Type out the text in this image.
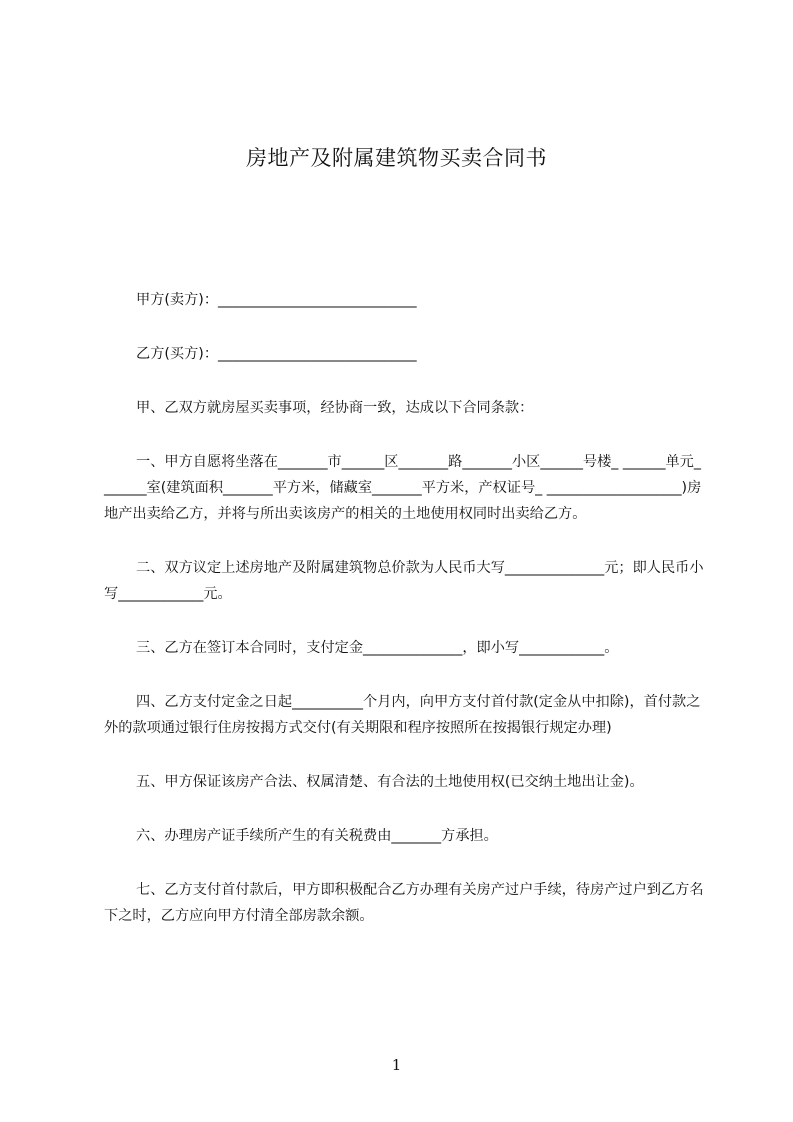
房地产及附属建筑物买卖合同书

甲方(卖方)：____________________________

乙方(买方)：____________________________

甲、乙双方就房屋买卖事项，经协商一致，达成以下合同条款：

一、甲方自愿将坐落在_______市______区_______路_______小区______号楼_ ______单元_______室(建筑面积_______平方米，储藏室_______平方米，产权证号_ ___________________)房地产出卖给乙方，并将与所出卖该房产的相关的土地使用权同时出卖给乙方。

二、双方议定上述房地产及附属建筑物总价款为人民币大写______________元；即人民币小写____________元。

三、乙方在签订本合同时，支付定金______________，即小写____________。

四、乙方支付定金之日起__________个月内，向甲方支付首付款(定金从中扣除)，首付款之外的款项通过银行住房按揭方式交付(有关期限和程序按照所在按揭银行规定办理)

五、甲方保证该房产合法、权属清楚、有合法的土地使用权(已交纳土地出让金)。

六、办理房产证手续所产生的有关税费由_______方承担。

七、乙方支付首付款后，甲方即积极配合乙方办理有关房产过户手续，待房产过户到乙方名下之时，乙方应向甲方付清全部房款余额。

1
